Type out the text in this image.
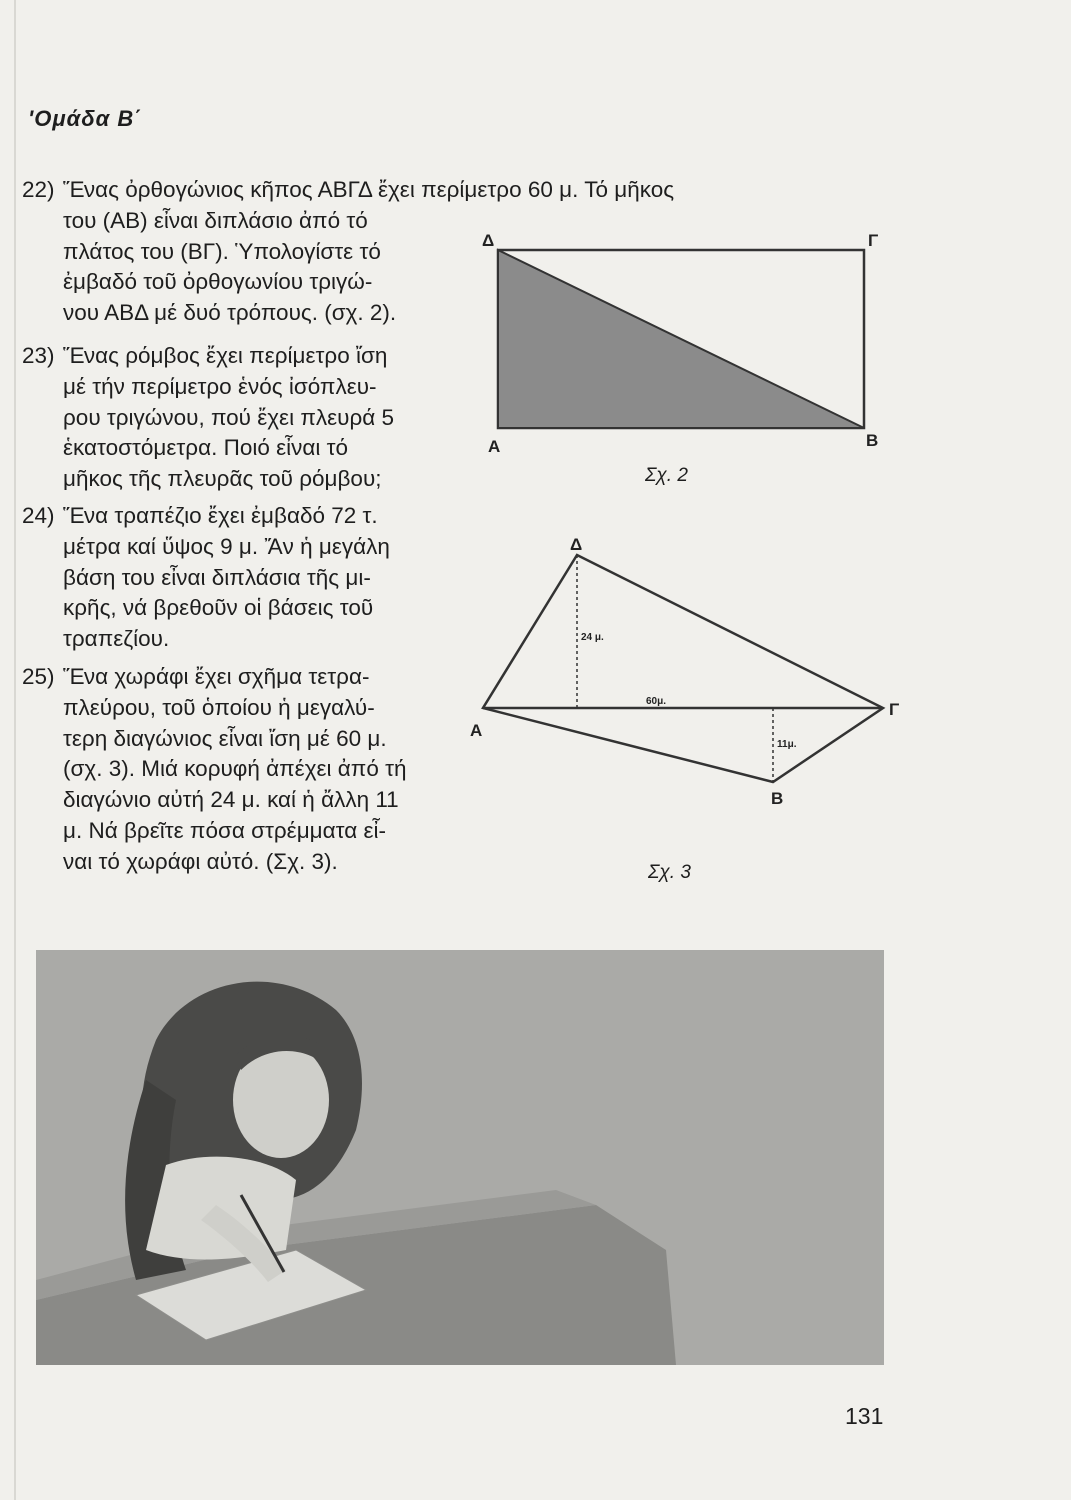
'Ομάδα Β΄
22) Ἕνας ὀρθογώνιος κῆπος ΑΒΓΔ ἔχει περίμετρο 60 μ. Τό μῆκος
του (ΑΒ) εἶναι διπλάσιο ἀπό τό
πλάτος του (ΒΓ). Ὑπολογίστε τό
ἐμβαδό τοῦ ὀρθογωνίου τριγώ-
νου ΑΒΔ μέ δυό τρόπους. (σχ. 2).
23) Ἕνας ρόμβος ἔχει περίμετρο ἴση
μέ τήν περίμετρο ἑνός ἰσόπλευ-
ρου τριγώνου, πού ἔχει πλευρά 5
ἑκατοστόμετρα. Ποιό εἶναι τό
μῆκος τῆς πλευρᾶς τοῦ ρόμβου;
24) Ἕνα τραπέζιο ἔχει ἐμβαδό 72 τ.
μέτρα καί ὕψος 9 μ. Ἄν ἡ μεγάλη
βάση του εἶναι διπλάσια τῆς μι-
κρῆς, νά βρεθοῦν οἱ βάσεις τοῦ
τραπεζίου.
25) Ἕνα χωράφι ἔχει σχῆμα τετρα-
πλεύρου, τοῦ ὁποίου ἡ μεγαλύ-
τερη διαγώνιος εἶναι ἴση μέ 60 μ.
(σχ. 3). Μιά κορυφή ἀπέχει ἀπό τή
διαγώνιο αὐτή 24 μ. καί ἡ ἄλλη 11
μ. Νά βρεῖτε πόσα στρέμματα εἶ-
ναι τό χωράφι αὐτό. (Σχ. 3).
Δ	Γ
Α	Β
Σχ. 2
Δ
Γ
Α
Β
24 μ.
60μ.
11μ.
Σχ. 3
131
